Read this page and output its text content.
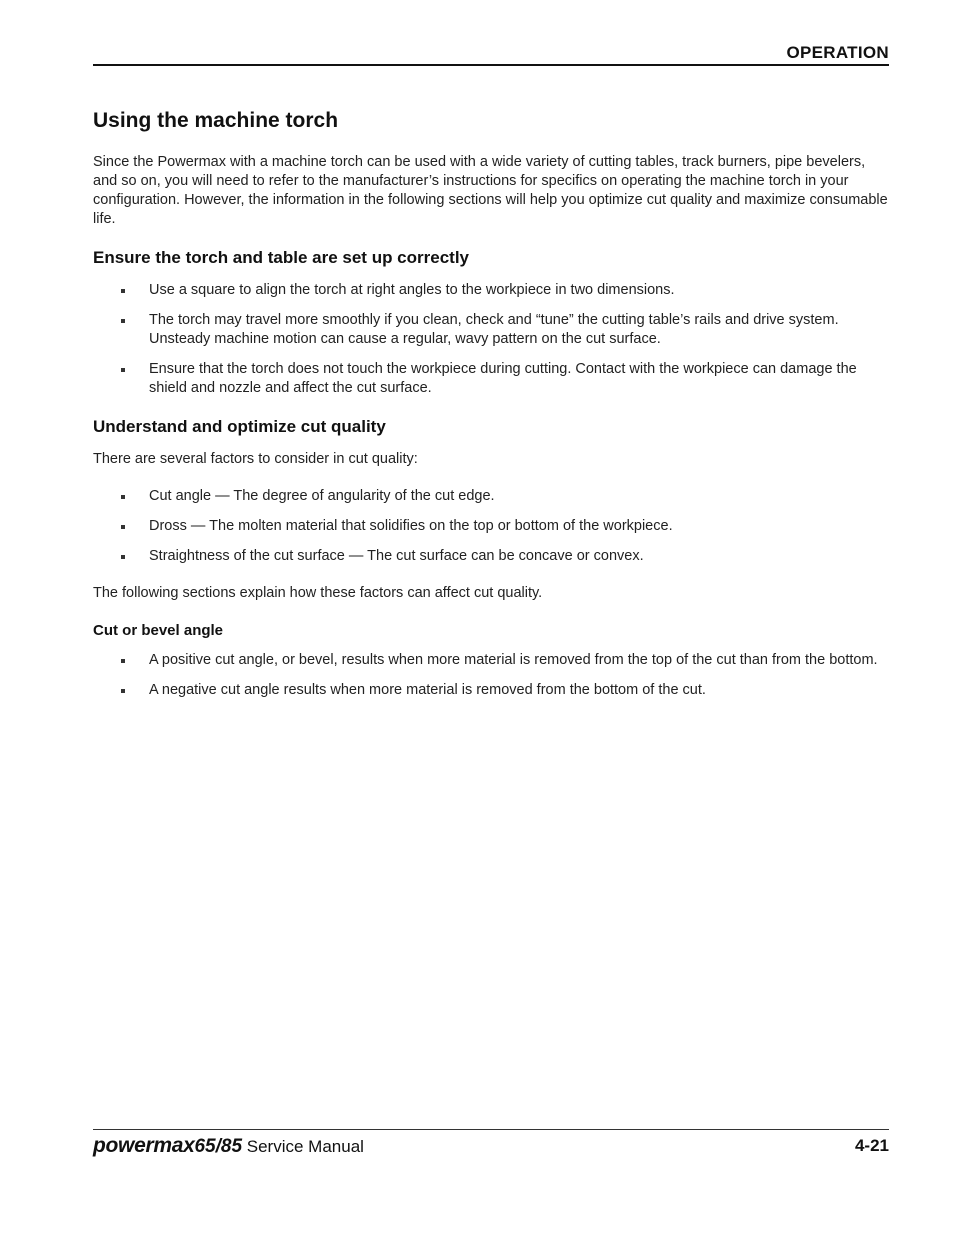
OPERATION
Using the machine torch

Since the Powermax with a machine torch can be used with a wide variety of cutting tables, track burners, pipe bevelers, and so on, you will need to refer to the manufacturer’s instructions for specifics on operating the machine torch in your configuration. However, the information in the following sections will help you optimize cut quality and maximize consumable life.

Ensure the torch and table are set up correctly
Use a square to align the torch at right angles to the workpiece in two dimensions.
The torch may travel more smoothly if you clean, check and “tune” the cutting table’s rails and drive system. Unsteady machine motion can cause a regular, wavy pattern on the cut surface.
Ensure that the torch does not touch the workpiece during cutting. Contact with the workpiece can damage the shield and nozzle and affect the cut surface.
Understand and optimize cut quality

There are several factors to consider in cut quality:

Cut angle — The degree of angularity of the cut edge.
Dross — The molten material that solidifies on the top or bottom of the workpiece.
Straightness of the cut surface — The cut surface can be concave or convex.

The following sections explain how these factors can affect cut quality.

Cut or bevel angle
A positive cut angle, or bevel, results when more material is removed from the top of the cut than from the bottom.
A negative cut angle results when more material is removed from the bottom of the cut.
powermax65/85 Service Manual	4-21
